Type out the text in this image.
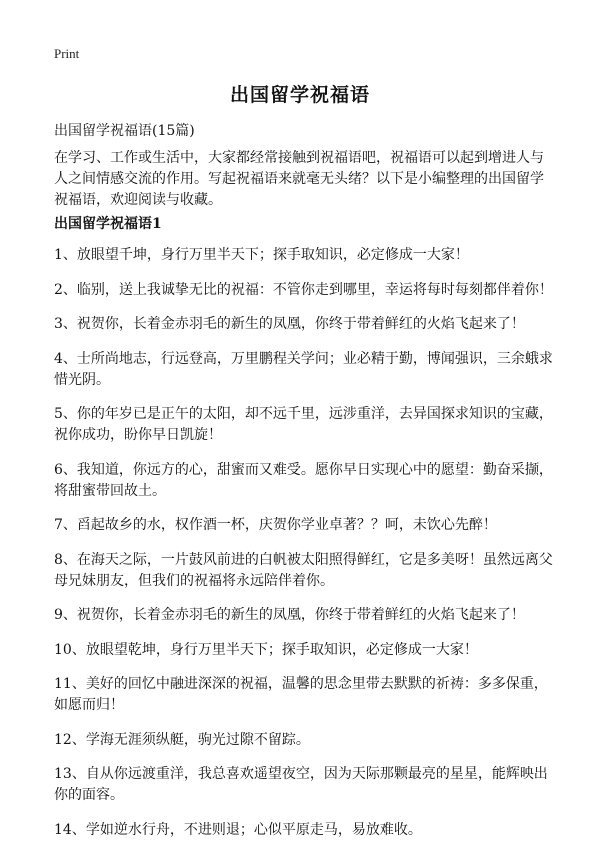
Print
出国留学祝福语

出国留学祝福语(15篇)

在学习、工作或生活中，大家都经常接触到祝福语吧，祝福语可以起到增进人与人之间情感交流的作用。写起祝福语来就毫无头绪？以下是小编整理的出国留学祝福语，欢迎阅读与收藏。

出国留学祝福语1
1、放眼望千坤，身行万里半天下；探手取知识，必定修成一大家！
2、临别，送上我诚挚无比的祝福：不管你走到哪里，幸运将每时每刻都伴着你！
3、祝贺你，长着金赤羽毛的新生的凤凰，你终于带着鲜红的火焰飞起来了！
4、士所尚地志，行远登高，万里鹏程关学问；业必精于勤，博闻强识，三余蛾求惜光阴。
5、你的年岁已是正午的太阳，却不远千里，远涉重洋，去异国探求知识的宝藏，祝你成功，盼你早日凯旋！
6、我知道，你远方的心，甜蜜而又难受。愿你早日实现心中的愿望：勤奋采撷，将甜蜜带回故土。
7、舀起故乡的水，权作酒一杯，庆贺你学业卓著？？呵，未饮心先醉！
8、在海天之际，一片鼓风前进的白帆被太阳照得鲜红，它是多美呀！虽然远离父母兄妹朋友，但我们的祝福将永远陪伴着你。
9、祝贺你，长着金赤羽毛的新生的凤凰，你终于带着鲜红的火焰飞起来了！
10、放眼望乾坤，身行万里半天下；探手取知识，必定修成一大家！
11、美好的回忆中融进深深的祝福，温馨的思念里带去默默的祈祷：多多保重，如愿而归！
12、学海无涯须纵艇，驹光过隙不留踪。
13、自从你远渡重洋，我总喜欢遥望夜空，因为天际那颗最亮的星星，能辉映出你的面容。
14、学如逆水行舟，不进则退；心似平原走马，易放难收。
